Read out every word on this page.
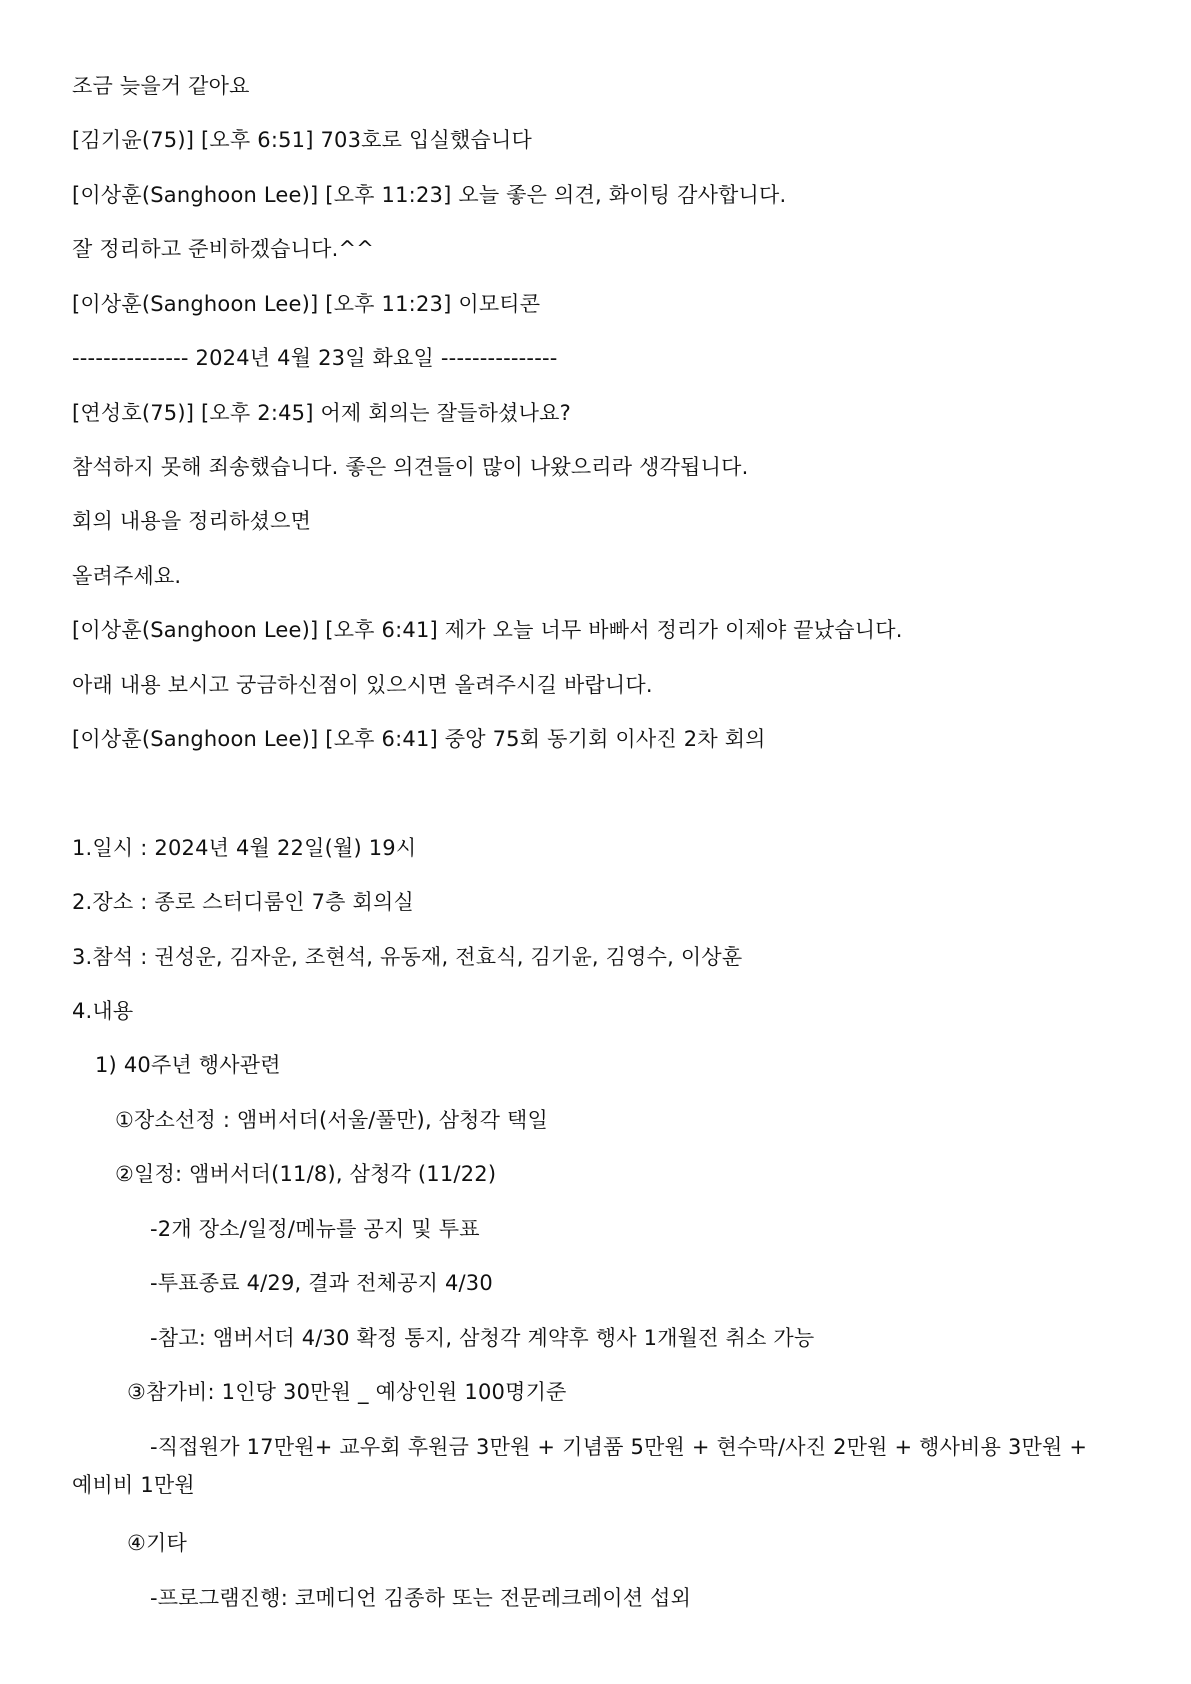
조금 늦을거 같아요
[김기윤(75)] [오후 6:51] 703호로 입실했습니다
[이상훈(Sanghoon Lee)] [오후 11:23] 오늘 좋은 의견, 화이팅 감사합니다.
잘 정리하고 준비하겠습니다.^^
[이상훈(Sanghoon Lee)] [오후 11:23] 이모티콘
--------------- 2024년 4월 23일 화요일 ---------------
[연성호(75)] [오후 2:45] 어제 회의는 잘들하셨나요?
참석하지 못해 죄송했습니다. 좋은 의견들이 많이 나왔으리라 생각됩니다.
회의 내용을 정리하셨으면
올려주세요.
[이상훈(Sanghoon Lee)] [오후 6:41] 제가 오늘 너무 바빠서 정리가 이제야 끝났습니다.
아래 내용 보시고 궁금하신점이 있으시면 올려주시길 바랍니다.
[이상훈(Sanghoon Lee)] [오후 6:41] 중앙 75회 동기회 이사진 2차 회의
1.일시 : 2024년 4월 22일(월) 19시
2.장소 : 종로 스터디룸인 7층 회의실
3.참석 : 권성운, 김자운, 조현석, 유동재, 전효식, 김기윤, 김영수, 이상훈
4.내용
1) 40주년 행사관련
①장소선정 : 앰버서더(서울/풀만), 삼청각 택일
②일정: 앰버서더(11/8), 삼청각 (11/22)
-2개 장소/일정/메뉴를 공지 및 투표
-투표종료 4/29, 결과 전체공지 4/30
-참고: 앰버서더 4/30 확정 통지, 삼청각 계약후 행사 1개월전 취소 가능
③참가비: 1인당 30만원 _ 예상인원 100명기준
-직접원가 17만원+ 교우회 후원금 3만원 + 기념품 5만원 + 현수막/사진 2만원 + 행사비용 3만원 + 예비비 1만원
④기타
-프로그램진행: 코메디언 김종하 또는 전문레크레이션 섭외
